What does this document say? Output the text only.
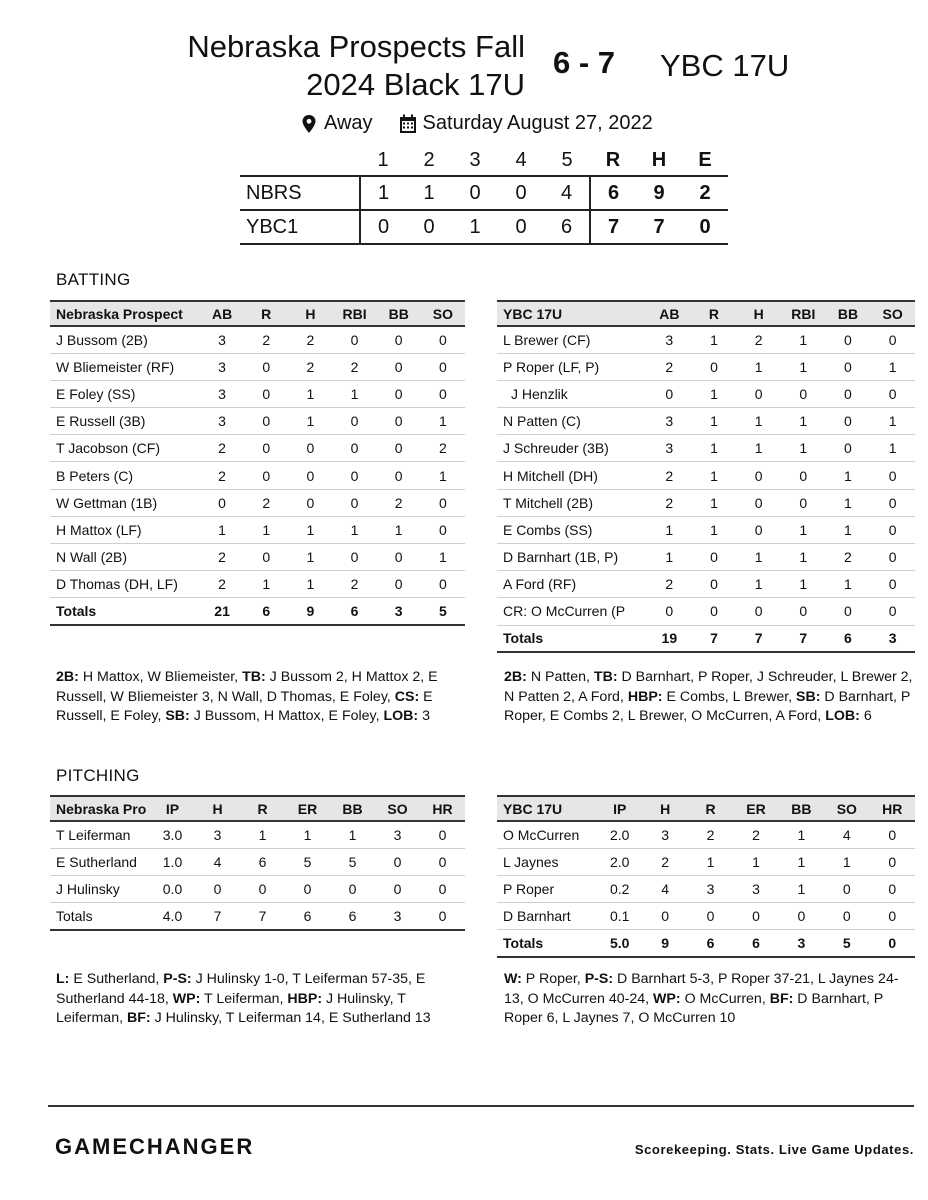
Nebraska Prospects Fall 2024 Black 17U
6 - 7 YBC 17U
Away	Saturday August 27, 2022
	1	2	3	4	5	R	H	E
NBRS	1	1	0	0	4	6	9	2
YBC1	0	0	1	0	6	7	7	0
BATTING
Nebraska Prospect	AB	R	H	RBI	BB	SO
J Bussom (2B)	3	2	2	0	0	0
W Bliemeister (RF)	3	0	2	2	0	0
E Foley (SS)	3	0	1	1	0	0
E Russell (3B)	3	0	1	0	0	1
T Jacobson (CF)	2	0	0	0	0	2
B Peters (C)	2	0	0	0	0	1
W Gettman (1B)	0	2	0	0	2	0
H Mattox (LF)	1	1	1	1	1	0
N Wall (2B)	2	0	1	0	0	1
D Thomas (DH, LF)	2	1	1	2	0	0
Totals	21	6	9	6	3	5
YBC 17U	AB	R	H	RBI	BB	SO
L Brewer (CF)	3	1	2	1	0	0
P Roper (LF, P)	2	0	1	1	0	1
J Henzlik	0	1	0	0	0	0
N Patten (C)	3	1	1	1	0	1
J Schreuder (3B)	3	1	1	1	0	1
H Mitchell (DH)	2	1	0	0	1	0
T Mitchell (2B)	2	1	0	0	1	0
E Combs (SS)	1	1	0	1	1	0
D Barnhart (1B, P)	1	0	1	1	2	0
A Ford (RF)	2	0	1	1	1	0
CR: O McCurren (P	0	0	0	0	0	0
Totals	19	7	7	7	6	3
2B: H Mattox, W Bliemeister, TB: J Bussom 2, H Mattox 2, E Russell, W Bliemeister 3, N Wall, D Thomas, E Foley, CS: E Russell, E Foley, SB: J Bussom, H Mattox, E Foley, LOB: 3
2B: N Patten, TB: D Barnhart, P Roper, J Schreuder, L Brewer 2, N Patten 2, A Ford, HBP: E Combs, L Brewer, SB: D Barnhart, P Roper, E Combs 2, L Brewer, O McCurren, A Ford, LOB: 6
PITCHING
Nebraska Pro	IP	H	R	ER	BB	SO	HR
T Leiferman	3.0	3	1	1	1	3	0
E Sutherland	1.0	4	6	5	5	0	0
J Hulinsky	0.0	0	0	0	0	0	0
Totals	4.0	7	7	6	6	3	0
YBC 17U	IP	H	R	ER	BB	SO	HR
O McCurren	2.0	3	2	2	1	4	0
L Jaynes	2.0	2	1	1	1	1	0
P Roper	0.2	4	3	3	1	0	0
D Barnhart	0.1	0	0	0	0	0	0
Totals	5.0	9	6	6	3	5	0
L: E Sutherland, P-S: J Hulinsky 1-0, T Leiferman 57-35, E Sutherland 44-18, WP: T Leiferman, HBP: J Hulinsky, T Leiferman, BF: J Hulinsky, T Leiferman 14, E Sutherland 13
W: P Roper, P-S: D Barnhart 5-3, P Roper 37-21, L Jaynes 24-13, O McCurren 40-24, WP: O McCurren, BF: D Barnhart, P Roper 6, L Jaynes 7, O McCurren 10
GAMECHANGER	Scorekeeping. Stats. Live Game Updates.
